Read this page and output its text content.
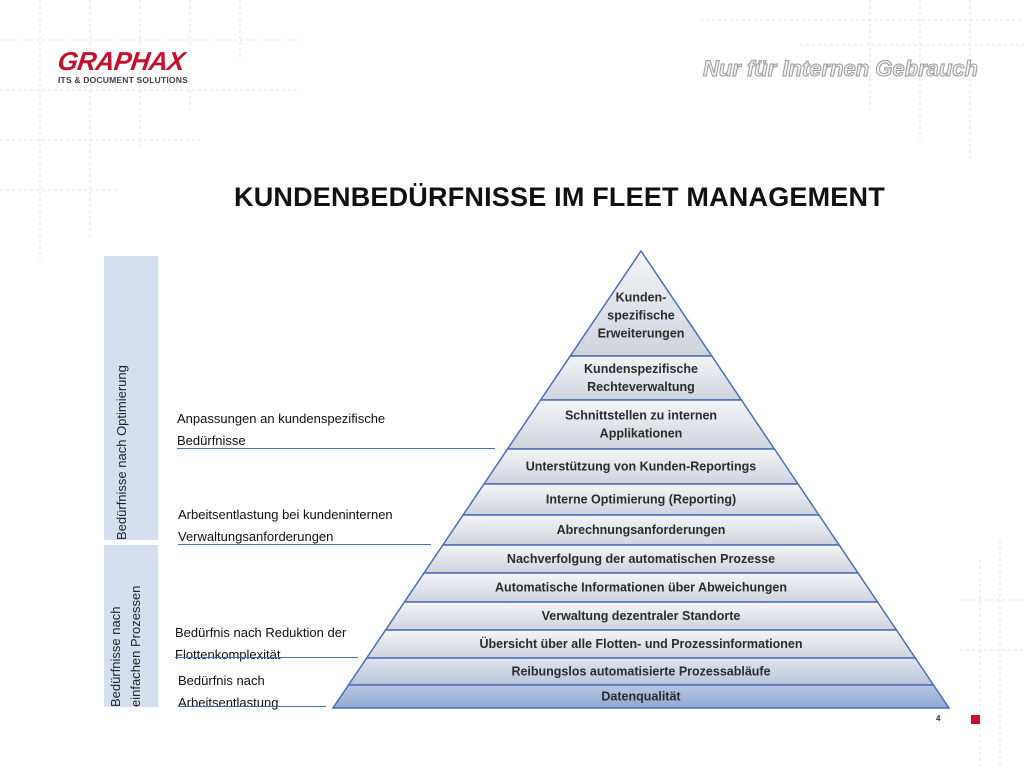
GRAPHAX
ITS & DOCUMENT SOLUTIONS	Nur für Internen Gebrauch
KUNDENBEDÜRFNISSE IM FLEET MANAGEMENT
Bedürfnisse nach Optimierung
Bedürfnisse nach einfachen Prozessen
Anpassungen an kundenspezifische
Bedürfnisse
Arbeitsentlastung bei kundeninternen
Verwaltungsanforderungen
Bedürfnis nach Reduktion der
Flottenkomplexität
Bedürfnis nach
Arbeitsentlastung
Kunden-
spezifische
Erweiterungen
Kundenspezifische
Rechteverwaltung
Schnittstellen zu internen
Applikationen
Unterstützung von Kunden-Reportings
Interne Optimierung (Reporting)
Abrechnungsanforderungen
Nachverfolgung der automatischen Prozesse
Automatische Informationen über Abweichungen
Verwaltung dezentraler Standorte
Übersicht über alle Flotten- und Prozessinformationen
Reibungslos automatisierte Prozessabläufe
Datenqualität
4
